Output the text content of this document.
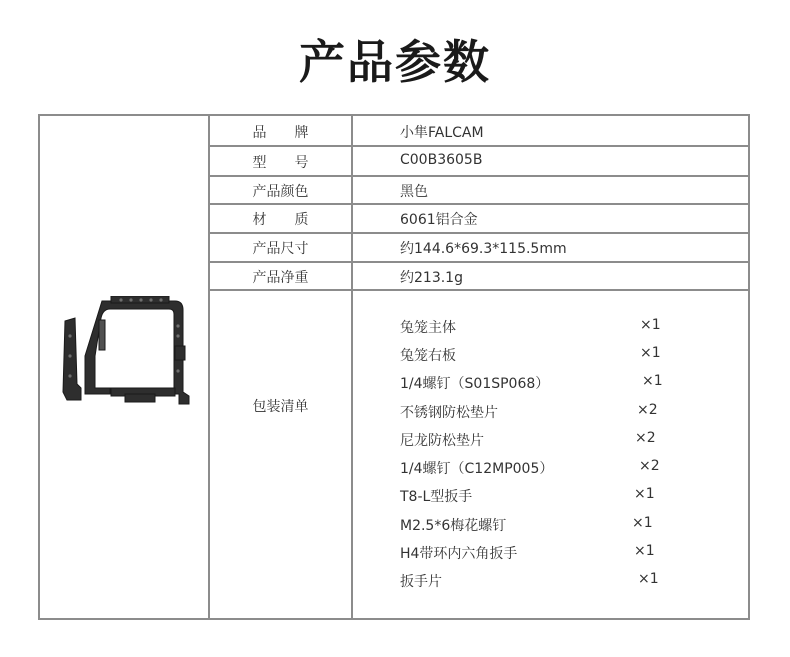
产品参数
品　　牌	小隼FALCAM
型　　号	C00B3605B
产品颜色	黑色
材　　质	6061铝合金
产品尺寸	约144.6*69.3*115.5mm
产品净重	约213.1g
包装清单
兔笼主体	×1
兔笼右板	×1
1/4螺钉（S01SP068）	×1
不锈钢防松垫片	×2
尼龙防松垫片	×2
1/4螺钉（C12MP005）	×2
T8-L型扳手	×1
M2.5*6梅花螺钉	×1
H4带环内六角扳手	×1
扳手片	×1
